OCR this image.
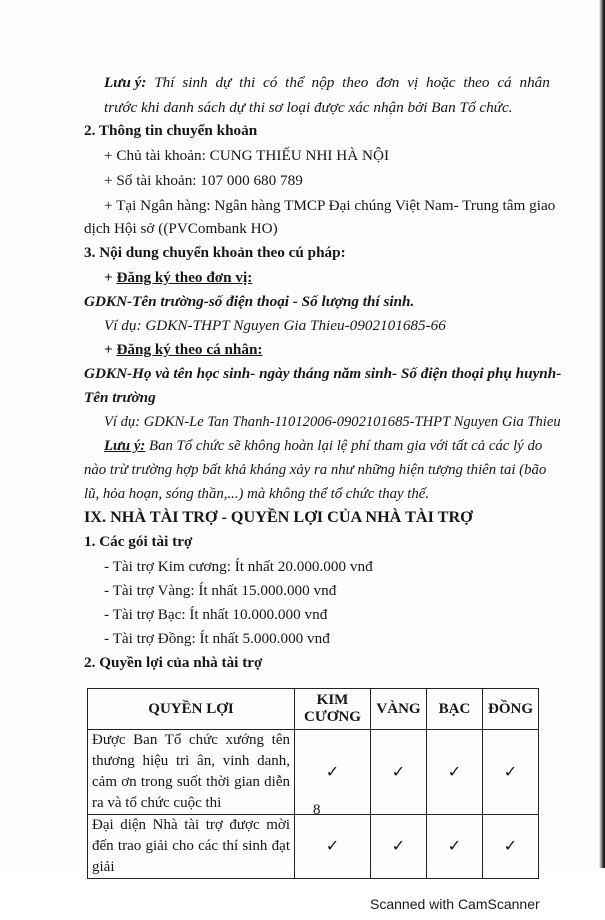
Lưu ý: Thí sinh dự thi có thể nộp theo đơn vị hoặc theo cá nhân
trước khi danh sách dự thi sơ loại được xác nhận bởi Ban Tổ chức.
2. Thông tin chuyển khoản
+ Chủ tài khoản: CUNG THIẾU NHI HÀ NỘI
+ Số tài khoản: 107 000 680 789
+ Tại Ngân hàng: Ngân hàng TMCP Đại chúng Việt Nam- Trung tâm giao
dịch Hội sở ((PVCombank HO)
3. Nội dung chuyển khoản theo cú pháp:
+ Đăng ký theo đơn vị:
GDKN-Tên trường-số điện thoại - Số lượng thí sinh.
Ví dụ: GDKN-THPT Nguyen Gia Thieu-0902101685-66
+ Đăng ký theo cá nhân:
GDKN-Họ và tên học sinh- ngày tháng năm sinh- Số điện thoại phụ huynh-
Tên trường
Ví dụ: GDKN-Le Tan Thanh-11012006-0902101685-THPT Nguyen Gia Thieu
Lưu ý: Ban Tổ chức sẽ không hoàn lại lệ phí tham gia với tất cả các lý do
nào trừ trường hợp bất khả kháng xảy ra như những hiện tượng thiên tai (bão
lũ, hỏa hoạn, sóng thần,...) mà không thể tổ chức thay thế.
IX. NHÀ TÀI TRỢ - QUYỀN LỢI CỦA NHÀ TÀI TRỢ
1. Các gói tài trợ
- Tài trợ Kim cương: Ít nhất 20.000.000 vnđ
- Tài trợ Vàng: Ít nhất 15.000.000 vnđ
- Tài trợ Bạc: Ít nhất 10.000.000 vnđ
- Tài trợ Đồng: Ít nhất 5.000.000 vnđ
2. Quyền lợi của nhà tài trợ
QUYỀN LỢI	KIM CƯƠNG	VÀNG	BẠC	ĐỒNG
Được Ban Tổ chức xướng tên thương hiệu tri ân, vinh danh, cảm ơn trong suốt thời gian diễn ra và tổ chức cuộc thi	✓	✓	✓	✓
Đại diện Nhà tài trợ được mời đến trao giải cho các thí sinh đạt giải	✓	✓	✓	✓
8
Scanned with CamScanner
